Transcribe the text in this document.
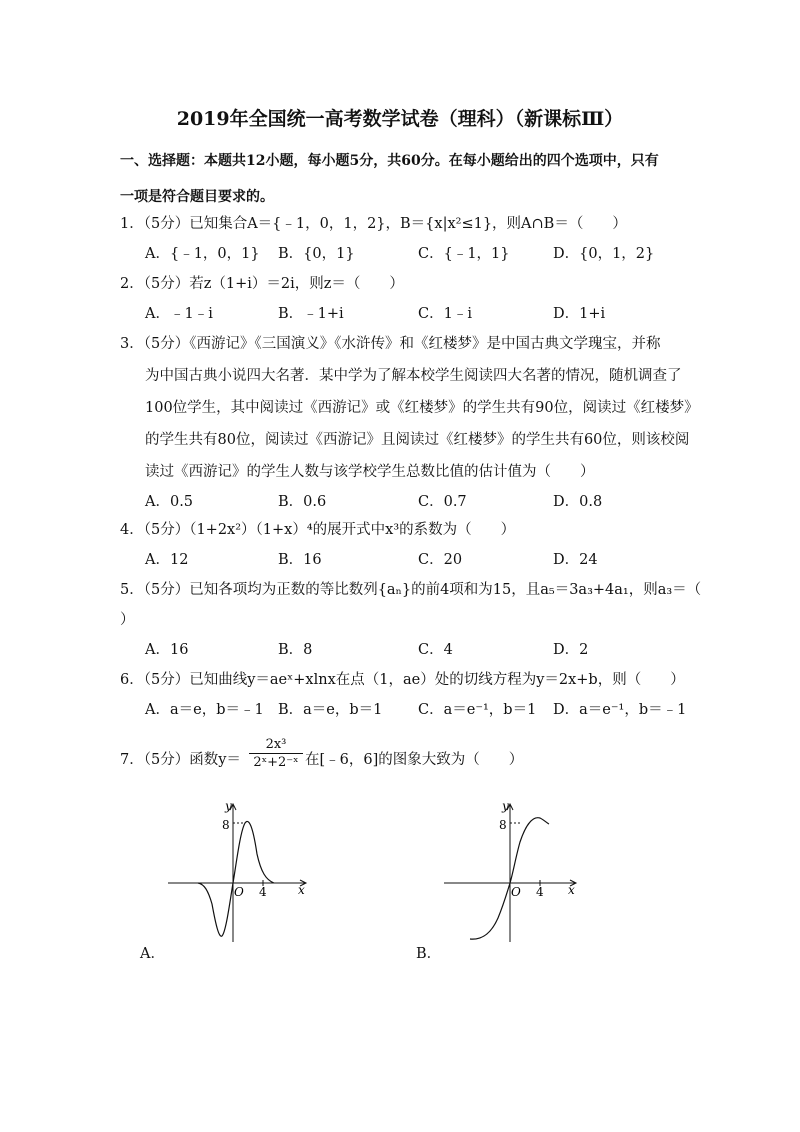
2019年全国统一高考数学试卷（理科）（新课标Ⅲ）
一、选择题：本题共12小题，每小题5分，共60分。在每小题给出的四个选项中，只有
一项是符合题目要求的。
1．（5分）已知集合A＝{﹣1，0，1，2}，B＝{x|x²≤1}，则A∩B＝（　　）
A．{﹣1，0，1} B．{0，1}	C．{﹣1，1}	D．{0，1，2}
2．（5分）若z（1+i）＝2i，则z＝（　　）
A．﹣1﹣i	B．﹣1+i	C．1﹣i	D．1+i
3．（5分）《西游记》《三国演义》《水浒传》和《红楼梦》是中国古典文学瑰宝，并称
为中国古典小说四大名著．某中学为了解本校学生阅读四大名著的情况，随机调查了
100位学生，其中阅读过《西游记》或《红楼梦》的学生共有90位，阅读过《红楼梦》
的学生共有80位，阅读过《西游记》且阅读过《红楼梦》的学生共有60位，则该校阅
读过《西游记》的学生人数与该学校学生总数比值的估计值为（　　）
A．0.5	B．0.6	C．0.7	D．0.8
4．（5分）（1+2x²）（1+x）⁴的展开式中x³的系数为（　　）
A．12	B．16	C．20	D．24
5．（5分）已知各项均为正数的等比数列{aₙ}的前4项和为15，且a₅＝3a₃+4a₁，则a₃＝（
）
A．16	B．8	C．4	D．2
6．（5分）已知曲线y＝aeˣ+xlnx在点（1，ae）处的切线方程为y＝2x+b，则（　　）
A．a＝e，b＝﹣1 B．a＝e，b＝1 C．a＝e⁻¹，b＝1 D．a＝e⁻¹，b＝﹣1
7．（5分）函数y＝
2x³
2ˣ+2⁻ˣ 在[﹣6，6]的图象大致为（　　）
y
8
O 4	x
A．
y
8
O 4 x
B．
